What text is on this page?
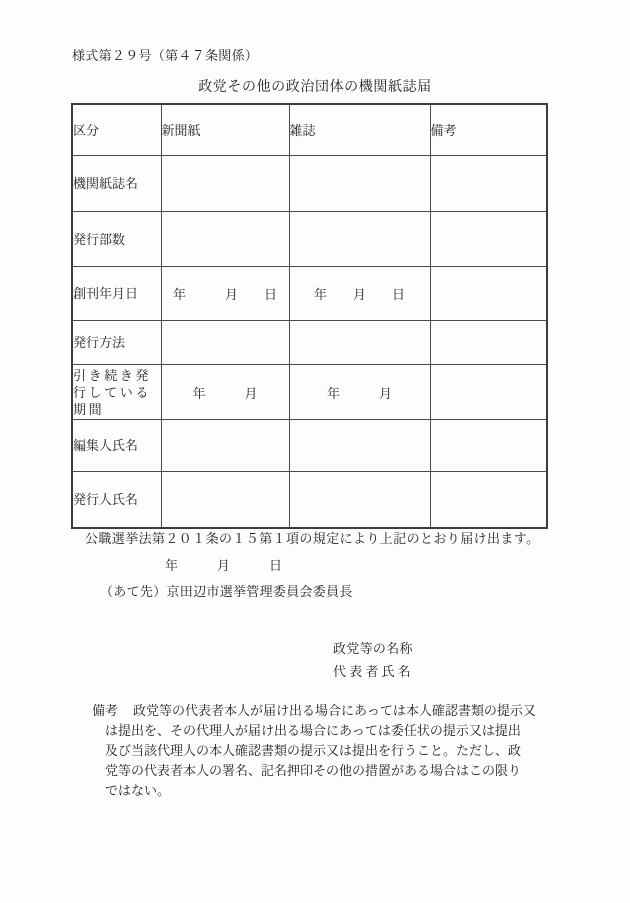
様式第２９号（第４７条関係）
政党その他の政治団体の機関紙誌届
区分	新聞紙	雑誌	備考
機関紙誌名			
発行部数			
創刊年月日	年　　　月　　日	年　　月　　日	
発行方法			
引き続き発行している期間	年　　　月	年　　　月	
編集人氏名			
発行人氏名			
公職選挙法第２０１条の１５第１項の規定により上記のとおり届け出ます。
年　　　月　　　日
（あて先）京田辺市選挙管理委員会委員長
政党等の名称
代表者氏名
備考 政党等の代表者本人が届け出る場合にあっては本人確認書類の提示又
は提出を、その代理人が届け出る場合にあっては委任状の提示又は提出
及び当該代理人の本人確認書類の提示又は提出を行うこと。ただし、政
党等の代表者本人の署名、記名押印その他の措置がある場合はこの限り
ではない。
